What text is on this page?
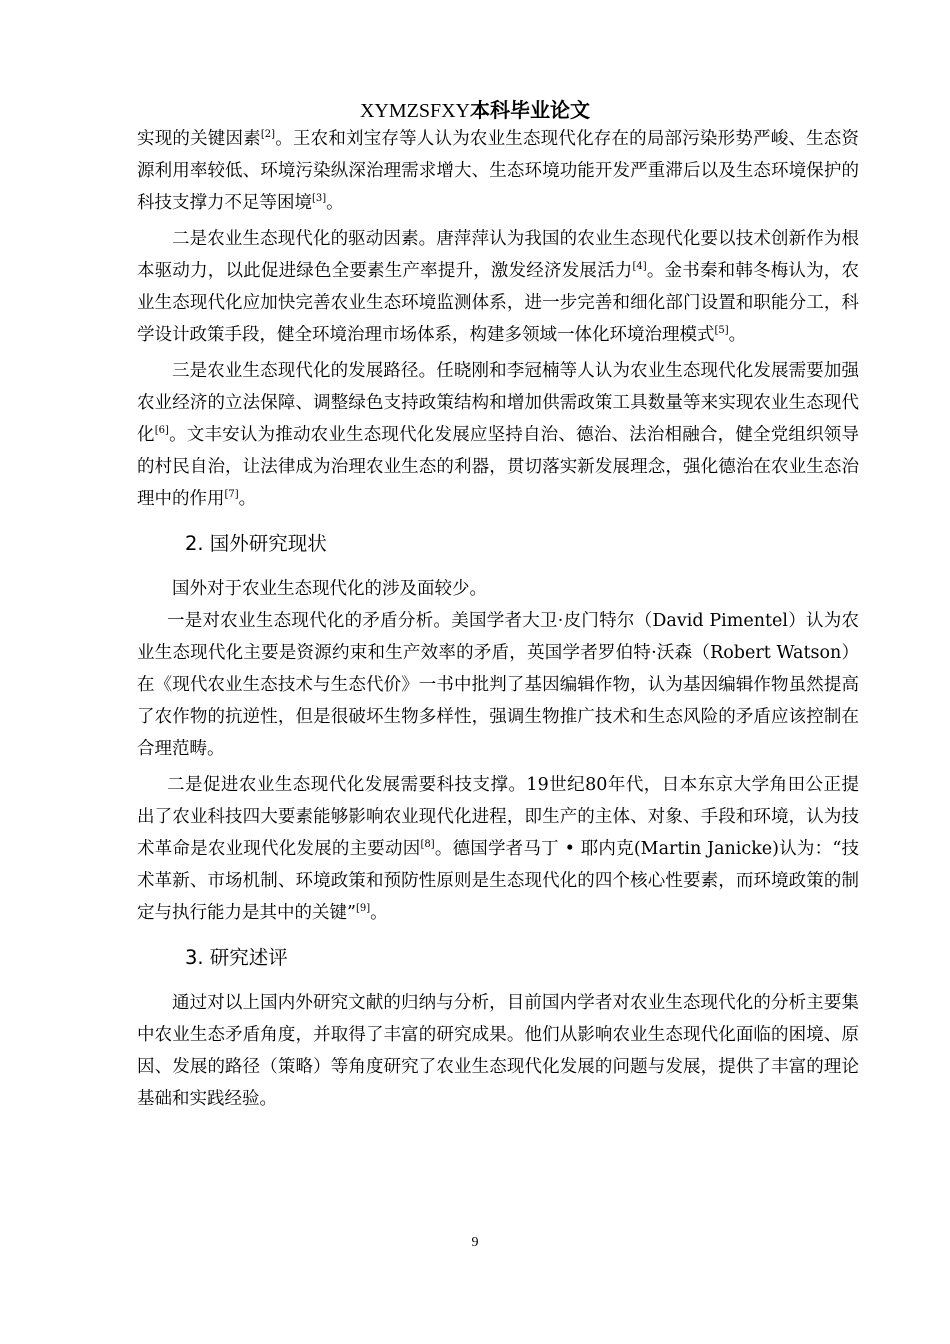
XYMZSFXY本科毕业论文

实现的关键因素[2]。王农和刘宝存等人认为农业生态现代化存在的局部污染形势严峻、生态资源利用率较低、环境污染纵深治理需求增大、生态环境功能开发严重滞后以及生态环境保护的科技支撑力不足等困境[3]。

二是农业生态现代化的驱动因素。唐萍萍认为我国的农业生态现代化要以技术创新作为根本驱动力，以此促进绿色全要素生产率提升，激发经济发展活力[4]。金书秦和韩冬梅认为，农业生态现代化应加快完善农业生态环境监测体系，进一步完善和细化部门设置和职能分工，科学设计政策手段，健全环境治理市场体系，构建多领域一体化环境治理模式[5]。

三是农业生态现代化的发展路径。任晓刚和李冠楠等人认为农业生态现代化发展需要加强农业经济的立法保障、调整绿色支持政策结构和增加供需政策工具数量等来实现农业生态现代化[6]。文丰安认为推动农业生态现代化发展应坚持自治、德治、法治相融合，健全党组织领导的村民自治，让法律成为治理农业生态的利器，贯切落实新发展理念，强化德治在农业生态治理中的作用[7]。

2. 国外研究现状

国外对于农业生态现代化的涉及面较少。

一是对农业生态现代化的矛盾分析。美国学者大卫·皮门特尔（David Pimentel）认为农业生态现代化主要是资源约束和生产效率的矛盾，英国学者罗伯特·沃森（Robert Watson）在《现代农业生态技术与生态代价》一书中批判了基因编辑作物，认为基因编辑作物虽然提高了农作物的抗逆性，但是很破坏生物多样性，强调生物推广技术和生态风险的矛盾应该控制在合理范畴。

二是促进农业生态现代化发展需要科技支撑。19世纪80年代，日本东京大学角田公正提出了农业科技四大要素能够影响农业现代化进程，即生产的主体、对象、手段和环境，认为技术革命是农业现代化发展的主要动因[8]。德国学者马丁 • 耶内克(Martin Janicke)认为：“技术革新、市场机制、环境政策和预防性原则是生态现代化的四个核心性要素，而环境政策的制定与执行能力是其中的关键”[9]。

3. 研究述评

通过对以上国内外研究文献的归纳与分析，目前国内学者对农业生态现代化的分析主要集中农业生态矛盾角度，并取得了丰富的研究成果。他们从影响农业生态现代化面临的困境、原因、发展的路径（策略）等角度研究了农业生态现代化发展的问题与发展，提供了丰富的理论基础和实践经验。

9
